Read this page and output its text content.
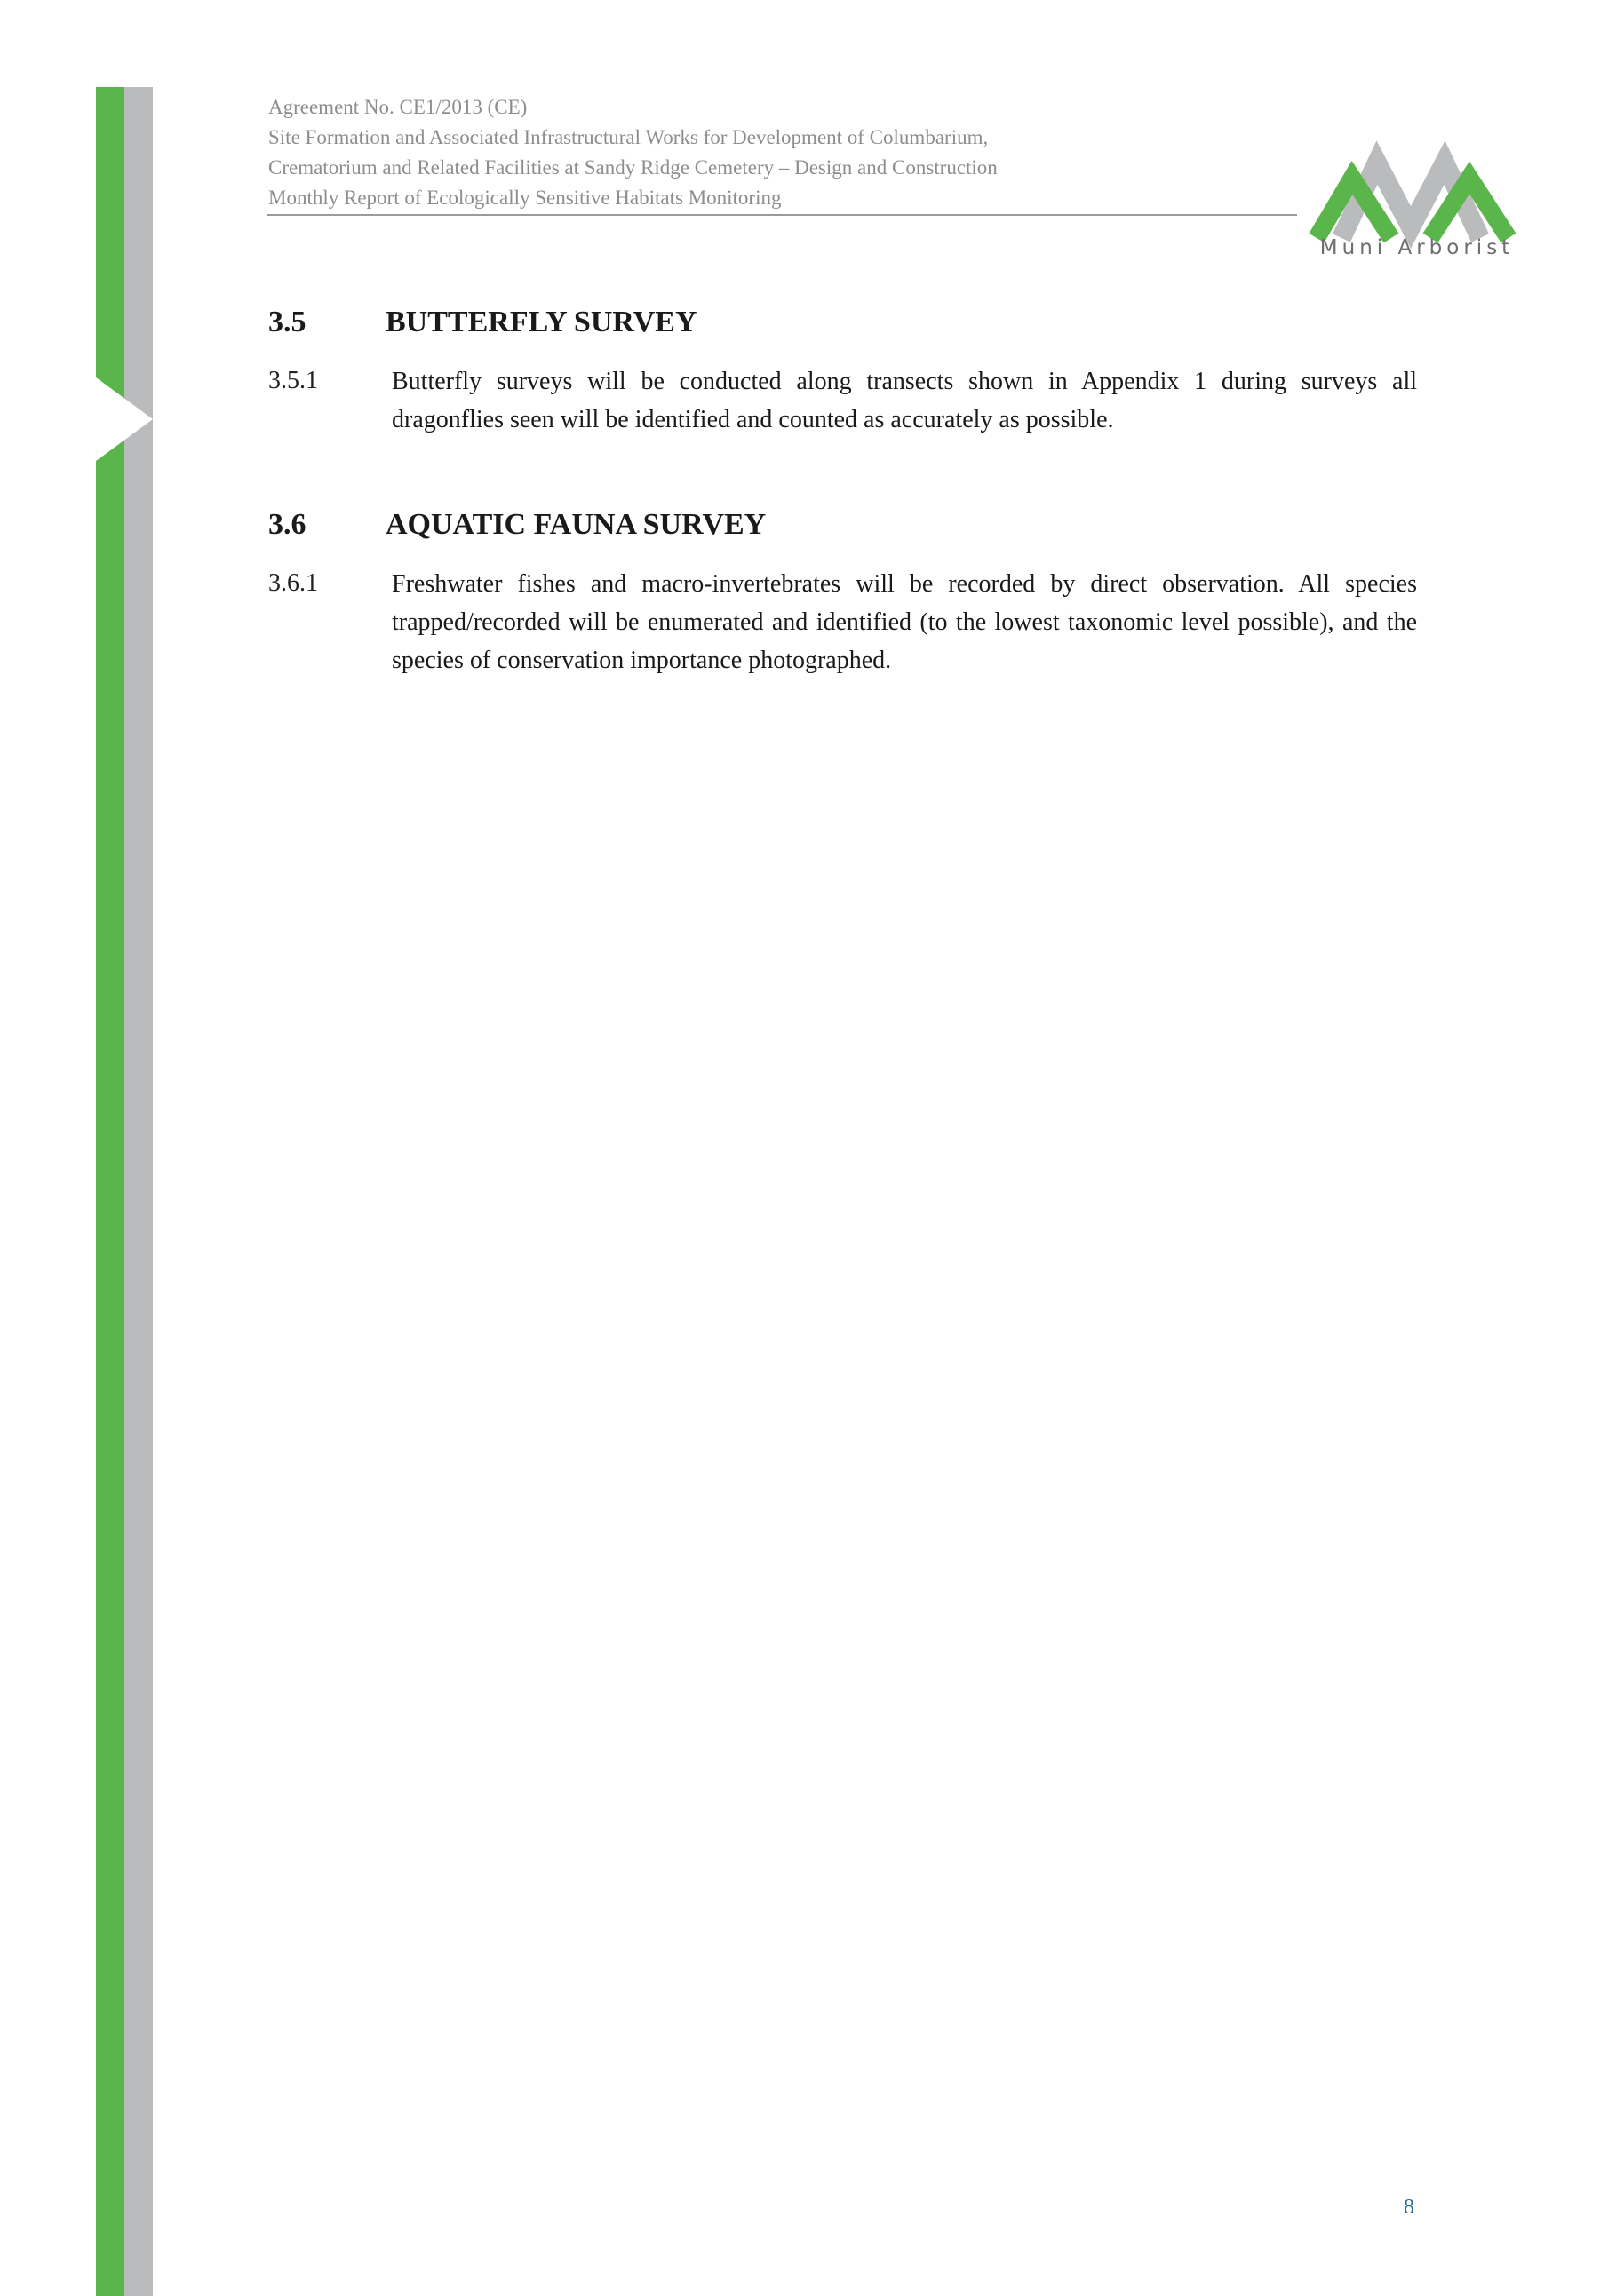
Agreement No. CE1/2013 (CE)
Site Formation and Associated Infrastructural Works for Development of Columbarium,
Crematorium and Related Facilities at Sandy Ridge Cemetery – Design and Construction
Monthly Report of Ecologically Sensitive Habitats Monitoring
Muni Arborist
3.5	BUTTERFLY SURVEY
3.5.1	Butterfly surveys will be conducted along transects shown in Appendix 1 during surveys all dragonflies seen will be identified and counted as accurately as possible.
3.6	AQUATIC FAUNA SURVEY
3.6.1	Freshwater fishes and macro-invertebrates will be recorded by direct observation. All species trapped/recorded will be enumerated and identified (to the lowest taxonomic level possible), and the species of conservation importance photographed.
8
